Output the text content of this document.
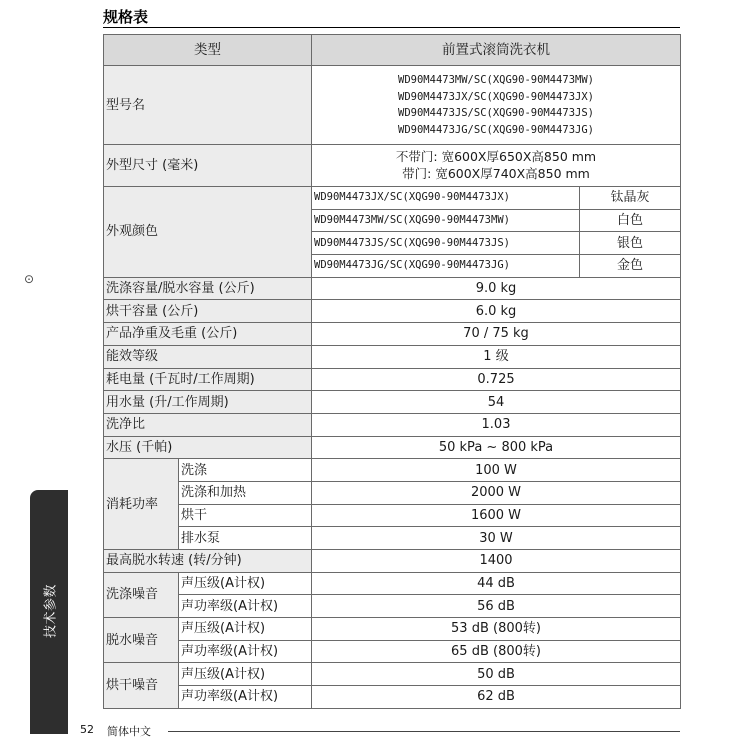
规格表
⊙
类型		前置式滚筒洗衣机	
型号名		WD90M4473MW/SC(XQG90-90M4473MW)
WD90M4473JX/SC(XQG90-90M4473JX)
WD90M4473JS/SC(XQG90-90M4473JS)
WD90M4473JG/SC(XQG90-90M4473JG)	

外型尺寸 (毫米)		不带门: 宽600X厚650X高850 mm
带门: 宽600X厚740X高850 mm	

外观颜色		WD90M4473JX/SC(XQG90-90M4473JX)	钛晶灰
		WD90M4473MW/SC(XQG90-90M4473MW)	白色
		WD90M4473JS/SC(XQG90-90M4473JS)	银色
		WD90M4473JG/SC(XQG90-90M4473JG)	金色
洗涤容量/脱水容量 (公斤)		9.0 kg	
烘干容量 (公斤)		6.0 kg	
产品净重及毛重 (公斤)		70 / 75 kg	
能效等级		1 级	
耗电量 (千瓦时/工作周期)		0.725	
用水量 (升/工作周期)		54	
洗净比		1.03	
水压 (千帕)		50 kPa ~ 800 kPa	
消耗功率	洗涤	100 W	
	洗涤和加热	2000 W	
	烘干	1600 W	
	排水泵	30 W	
最高脱水转速 (转/分钟)		1400	
洗涤噪音	声压级(A计权)	44 dB	
	声功率级(A计权)	56 dB	
脱水噪音	声压级(A计权)	53 dB (800转)	
	声功率级(A计权)	65 dB (800转)	
烘干噪音	声压级(A计权)	50 dB	
	声功率级(A计权)	62 dB	
技术参数
52 简体中文
